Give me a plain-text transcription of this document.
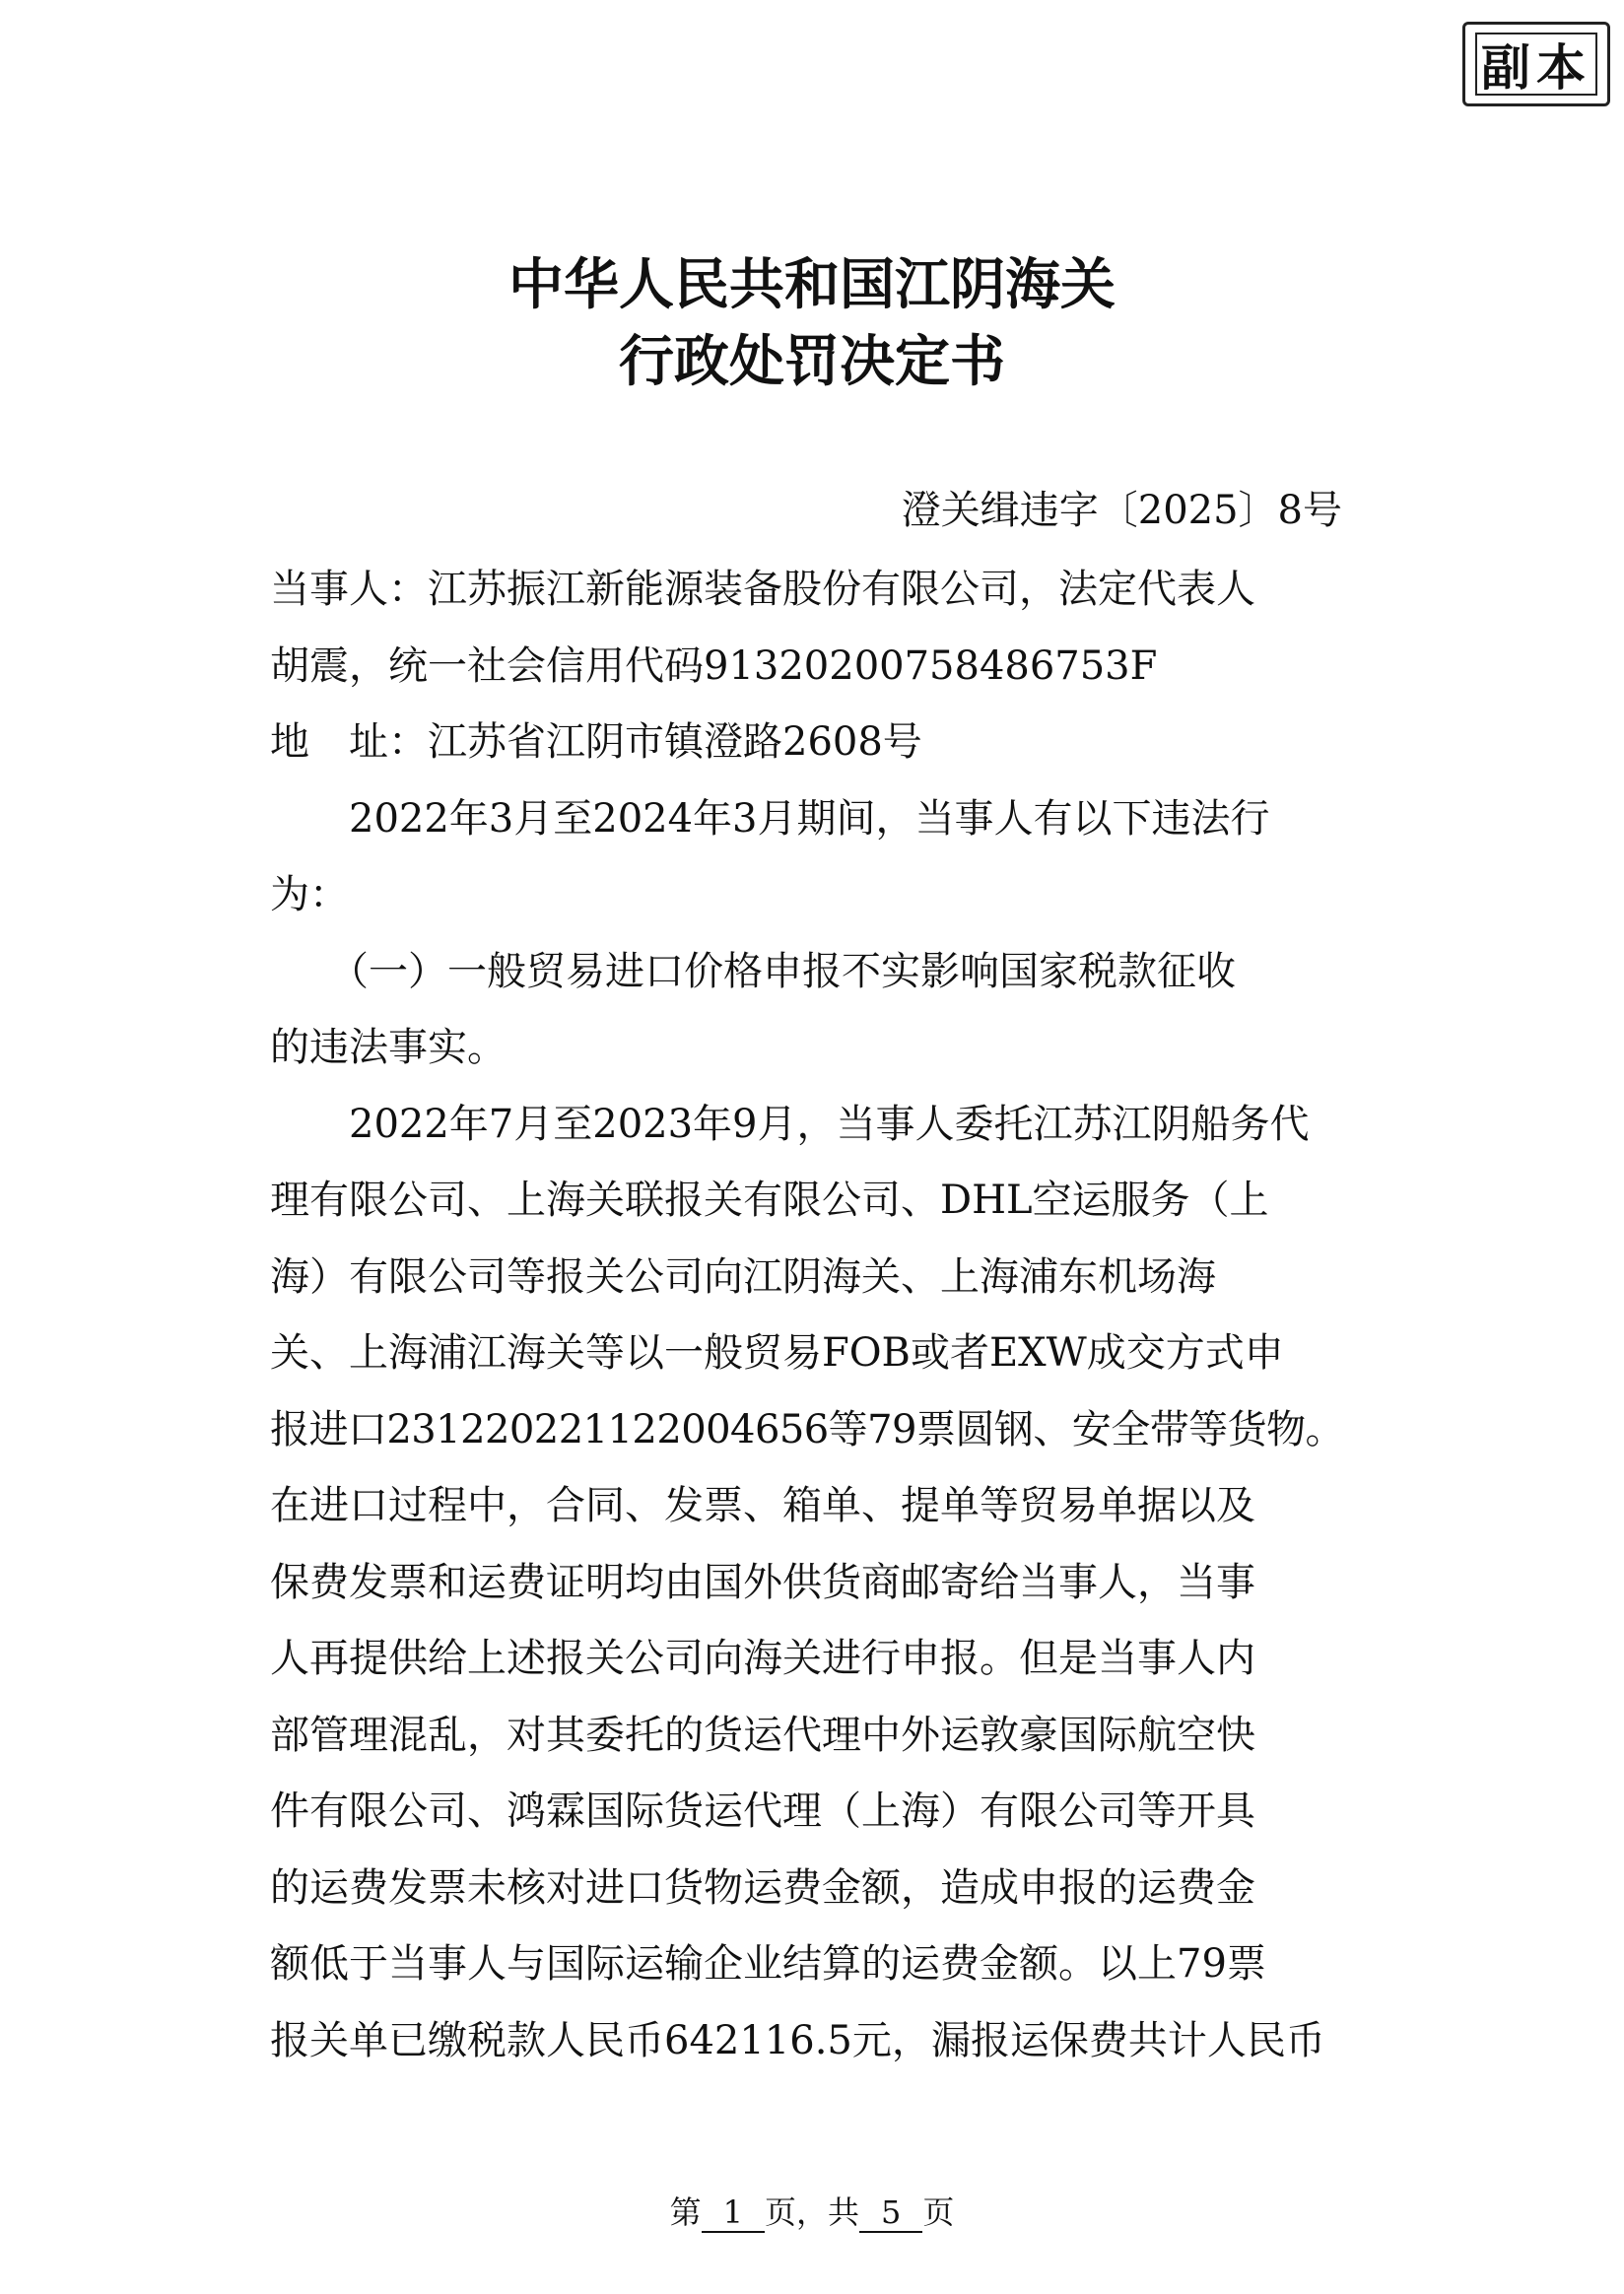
副本
中华人民共和国江阴海关
行政处罚决定书
澄关缉违字〔2025〕8号
当事人：江苏振江新能源装备股份有限公司，法定代表人
胡震，统一社会信用代码91320200758486753F
地　址：江苏省江阴市镇澄路2608号
　　2022年3月至2024年3月期间，当事人有以下违法行
为：
　　（一）一般贸易进口价格申报不实影响国家税款征收
的违法事实。
　　2022年7月至2023年9月，当事人委托江苏江阴船务代
理有限公司、上海关联报关有限公司、DHL空运服务（上
海）有限公司等报关公司向江阴海关、上海浦东机场海
关、上海浦江海关等以一般贸易FOB或者EXW成交方式申
报进口231220221122004656等79票圆钢、安全带等货物。
在进口过程中，合同、发票、箱单、提单等贸易单据以及
保费发票和运费证明均由国外供货商邮寄给当事人，当事
人再提供给上述报关公司向海关进行申报。但是当事人内
部管理混乱，对其委托的货运代理中外运敦豪国际航空快
件有限公司、鸿霖国际货运代理（上海）有限公司等开具
的运费发票未核对进口货物运费金额，造成申报的运费金
额低于当事人与国际运输企业结算的运费金额。以上79票
报关单已缴税款人民币642116.5元，漏报运保费共计人民币
第 1 页，共 5 页
